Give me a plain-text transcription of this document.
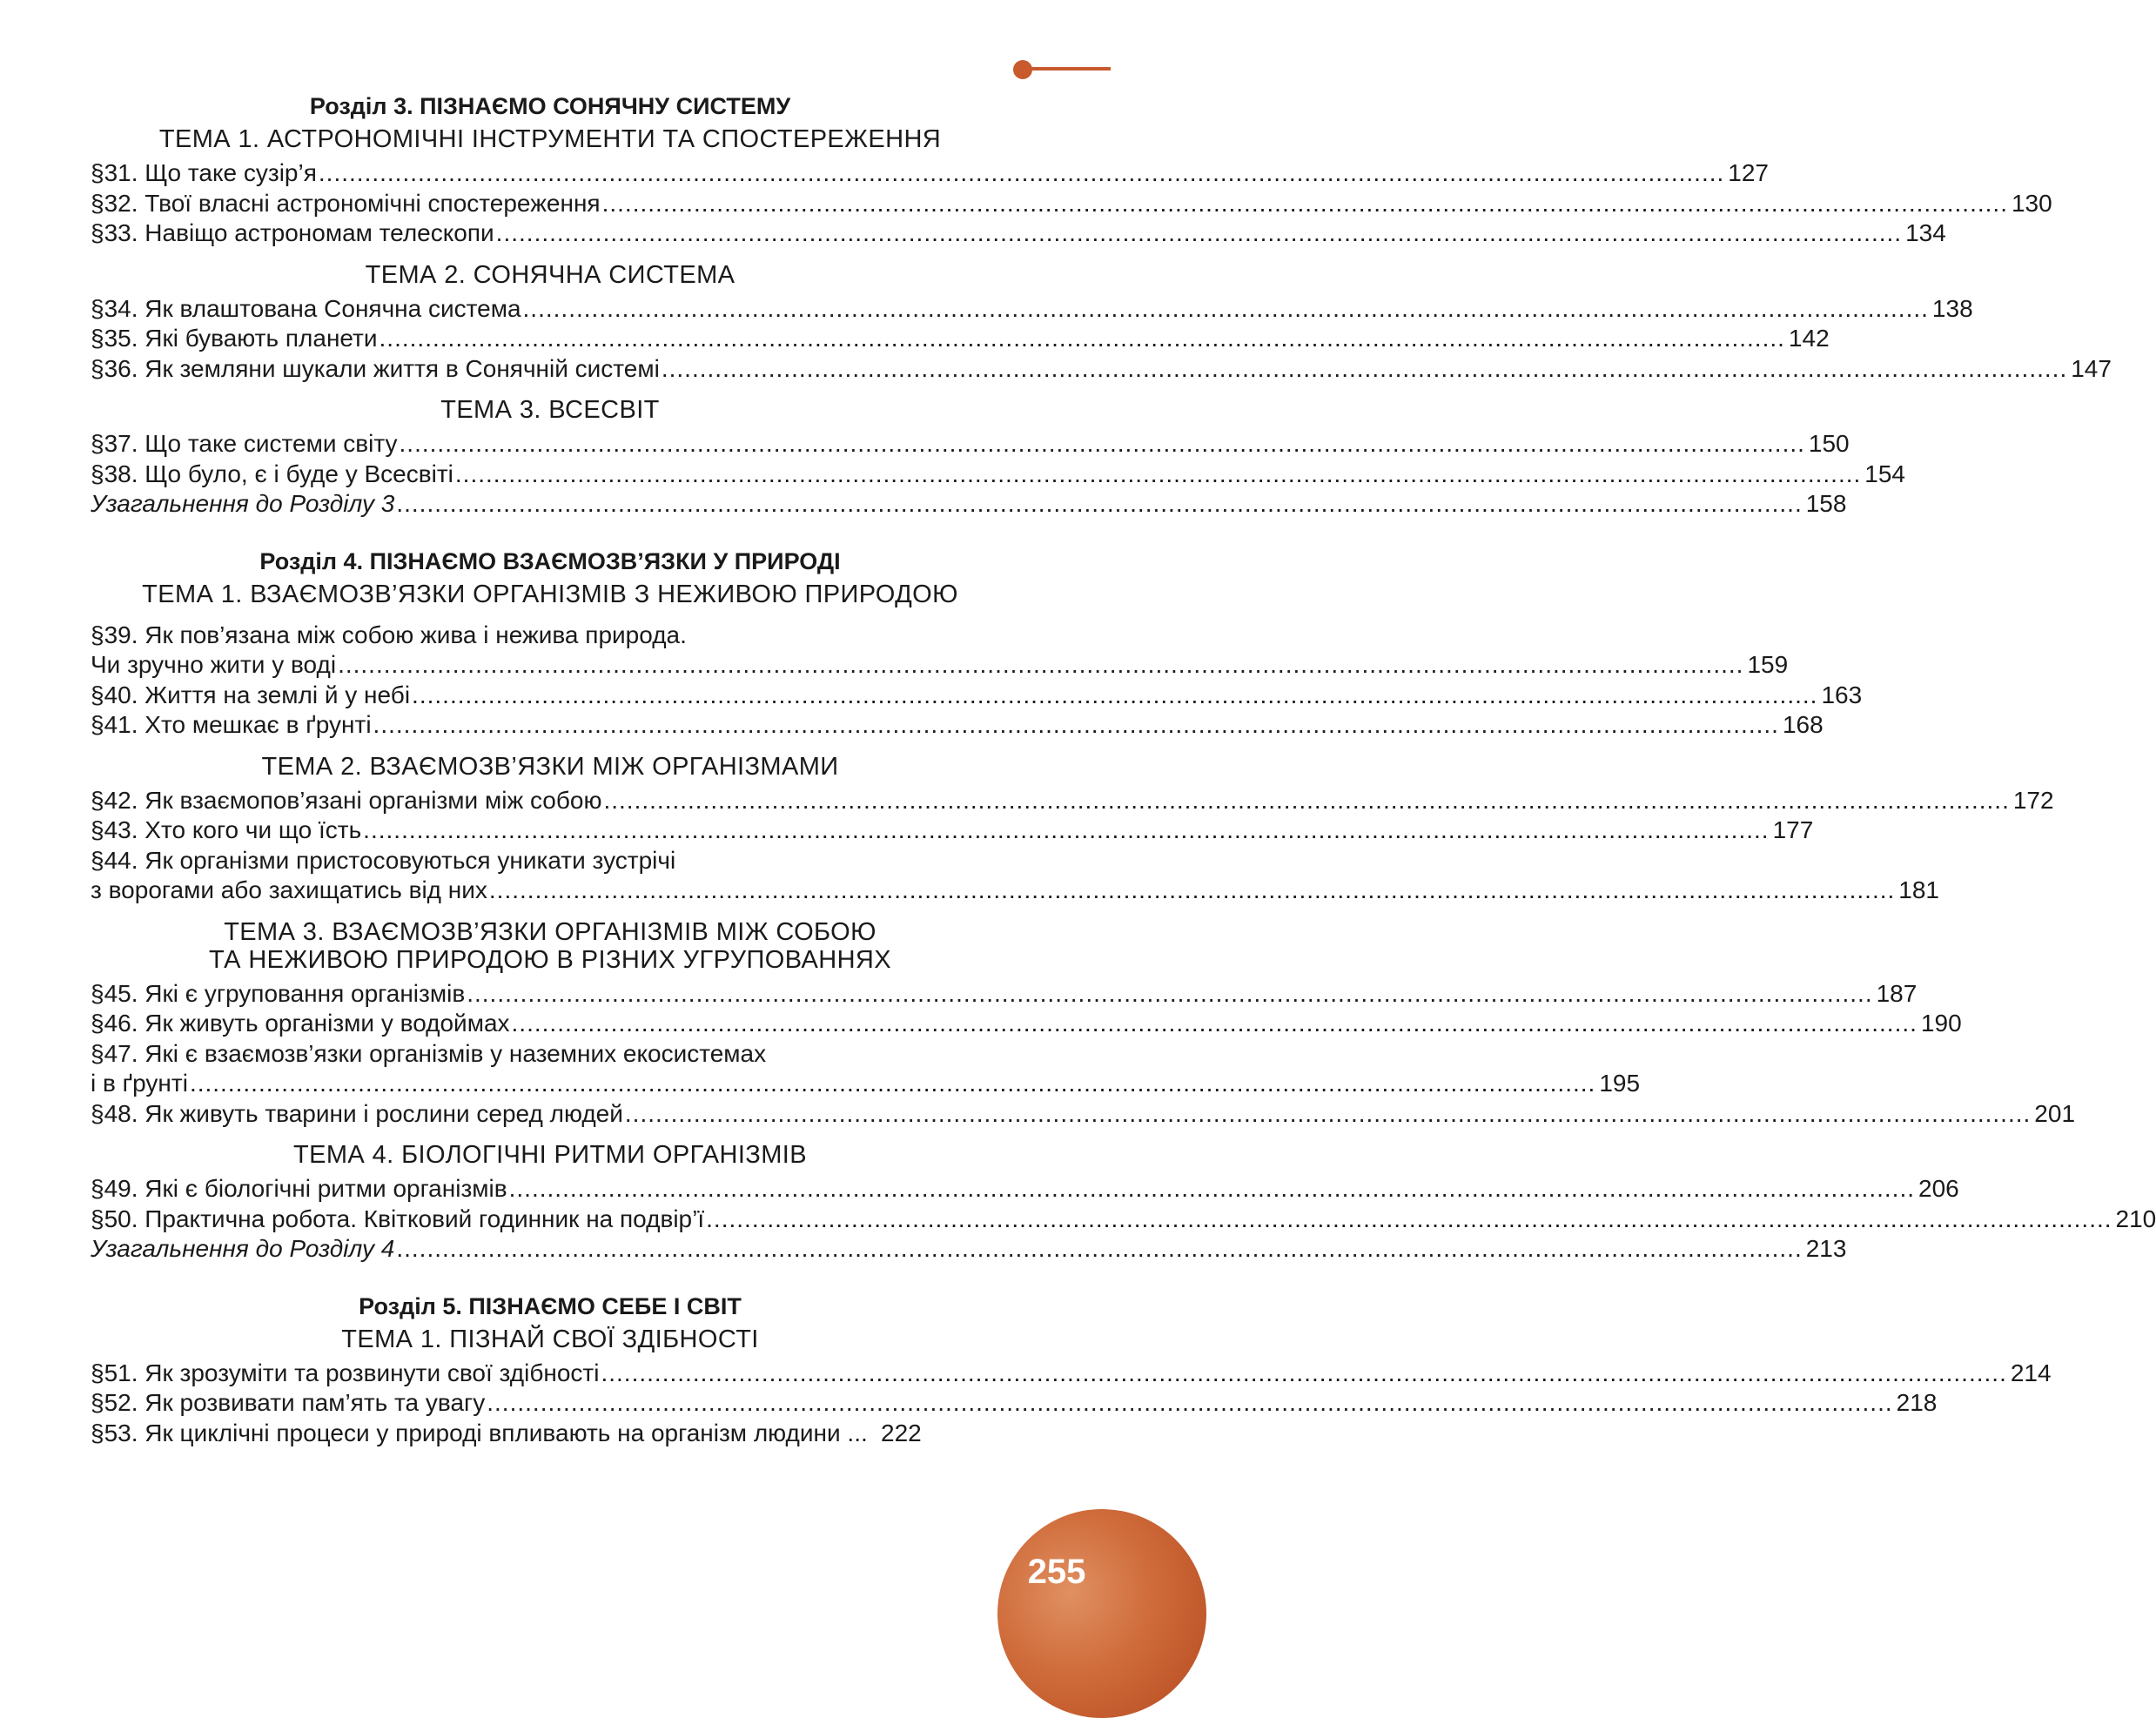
Розділ 3. ПІЗНАЄМО СОНЯЧНУ СИСТЕМУ
ТЕМА 1. АСТРОНОМІЧНІ ІНСТРУМЕНТИ ТА СПОСТЕРЕЖЕННЯ
§31. Що таке сузір’я ........................................................................................................................................................................................ 127
§32. Твої власні астрономічні спостереження ........................................................................................................................................................................................ 130
§33. Навіщо астрономам телескопи ........................................................................................................................................................................................ 134
ТЕМА 2. СОНЯЧНА СИСТЕМА
§34. Як влаштована Сонячна система ........................................................................................................................................................................................ 138
§35. Які бувають планети ........................................................................................................................................................................................ 142
§36. Як земляни шукали життя в Сонячній системі ........................................................................................................................................................................................ 147
ТЕМА 3. ВСЕСВІТ
§37. Що таке системи світу ........................................................................................................................................................................................ 150
§38. Що було, є і буде у Всесвіті ........................................................................................................................................................................................ 154
Узагальнення до Розділу 3 ........................................................................................................................................................................................ 158
Розділ 4. ПІЗНАЄМО ВЗАЄМОЗВ’ЯЗКИ У ПРИРОДІ
ТЕМА 1. ВЗАЄМОЗВ’ЯЗКИ ОРГАНІЗМІВ З НЕЖИВОЮ ПРИРОДОЮ
§39. Як пов’язана між собою жива і нежива природа.
Чи зручно жити у воді ........................................................................................................................................................................................ 159
§40. Життя на землі й у небі ........................................................................................................................................................................................ 163
§41. Хто мешкає в ґрунті ........................................................................................................................................................................................ 168
ТЕМА 2. ВЗАЄМОЗВ’ЯЗКИ МІЖ ОРГАНІЗМАМИ
§42. Як взаємопов’язані організми між собою ........................................................................................................................................................................................ 172
§43. Хто кого чи що їсть ........................................................................................................................................................................................ 177
§44. Як організми пристосовуються уникати зустрічі
з ворогами або захищатись від них ........................................................................................................................................................................................ 181
ТЕМА 3. ВЗАЄМОЗВ’ЯЗКИ ОРГАНІЗМІВ МІЖ СОБОЮ
ТА НЕЖИВОЮ ПРИРОДОЮ В РІЗНИХ УГРУПОВАННЯХ
§45. Які є угруповання організмів ........................................................................................................................................................................................ 187
§46. Як живуть організми у водоймах ........................................................................................................................................................................................ 190
§47. Які є взаємозв’язки організмів у наземних екосистемах
і в ґрунті ........................................................................................................................................................................................ 195
§48. Як живуть тварини і рослини серед людей ........................................................................................................................................................................................ 201
ТЕМА 4. БІОЛОГІЧНІ РИТМИ ОРГАНІЗМІВ
§49. Які є біологічні ритми організмів ........................................................................................................................................................................................ 206
§50. Практична робота. Квітковий годинник на подвір’ї ........................................................................................................................................................................................ 210
Узагальнення до Розділу 4 ........................................................................................................................................................................................ 213
Розділ 5. ПІЗНАЄМО СЕБЕ І СВІТ
ТЕМА 1. ПІЗНАЙ СВОЇ ЗДІБНОСТІ
§51. Як зрозуміти та розвинути свої здібності ........................................................................................................................................................................................ 214
§52. Як розвивати пам’ять та увагу ........................................................................................................................................................................................ 218
§53. Як циклічні процеси у природі впливають на організм людини ... 222
255
